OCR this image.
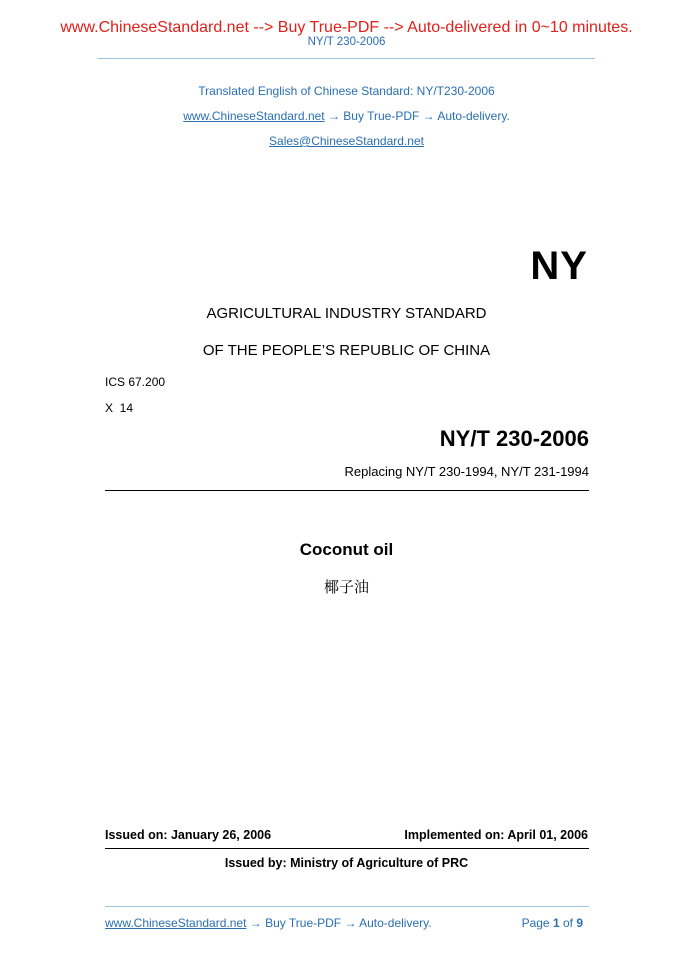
www.ChineseStandard.net --> Buy True-PDF --> Auto-delivered in 0~10 minutes.
NY/T 230-2006
Translated English of Chinese Standard: NY/T230-2006
www.ChineseStandard.net → Buy True-PDF → Auto-delivery.
Sales@ChineseStandard.net
NY
AGRICULTURAL INDUSTRY STANDARD
OF THE PEOPLE’S REPUBLIC OF CHINA
ICS 67.200
X  14
NY/T 230-2006
Replacing NY/T 230-1994, NY/T 231-1994
Coconut oil
椰子油
Issued on: January 26, 2006	Implemented on: April 01, 2006
Issued by: Ministry of Agriculture of PRC
www.ChineseStandard.net → Buy True-PDF → Auto-delivery.	Page 1 of 9
